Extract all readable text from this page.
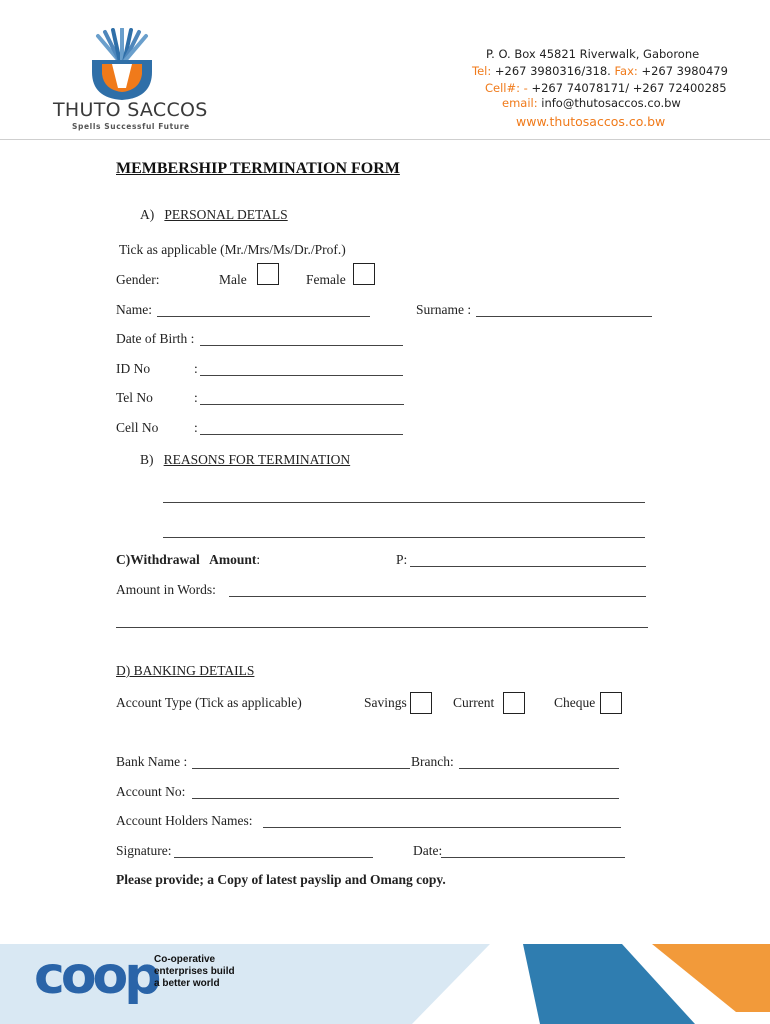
THUTO SACCOS
Spells Successful Future
P. O. Box 45821 Riverwalk, Gaborone
Tel: +267 3980316/318. Fax: +267 3980479
Cell#: - +267 74078171/ +267 72400285
email: info@thutosaccos.co.bw
www.thutosaccos.co.bw
MEMBERSHIP TERMINATION FORM
A) PERSONAL DETALS
Tick as applicable (Mr./Mrs/Ms/Dr./Prof.)
Gender:	Male	Female
Name:	Surname :
Date of Birth :
ID No	:
Tel No	:
Cell No	:
B) REASONS FOR TERMINATION
C)Withdrawal   Amount:	P:
Amount in Words:
D) BANKING DETAILS
Account Type (Tick as applicable)	Savings	Current	Cheque
Bank Name :	Branch:
Account No:
Account Holders Names:
Signature:	Date:
Please provide; a Copy of latest payslip and Omang copy.
coop
Co-operative
enterprises build
a better world
